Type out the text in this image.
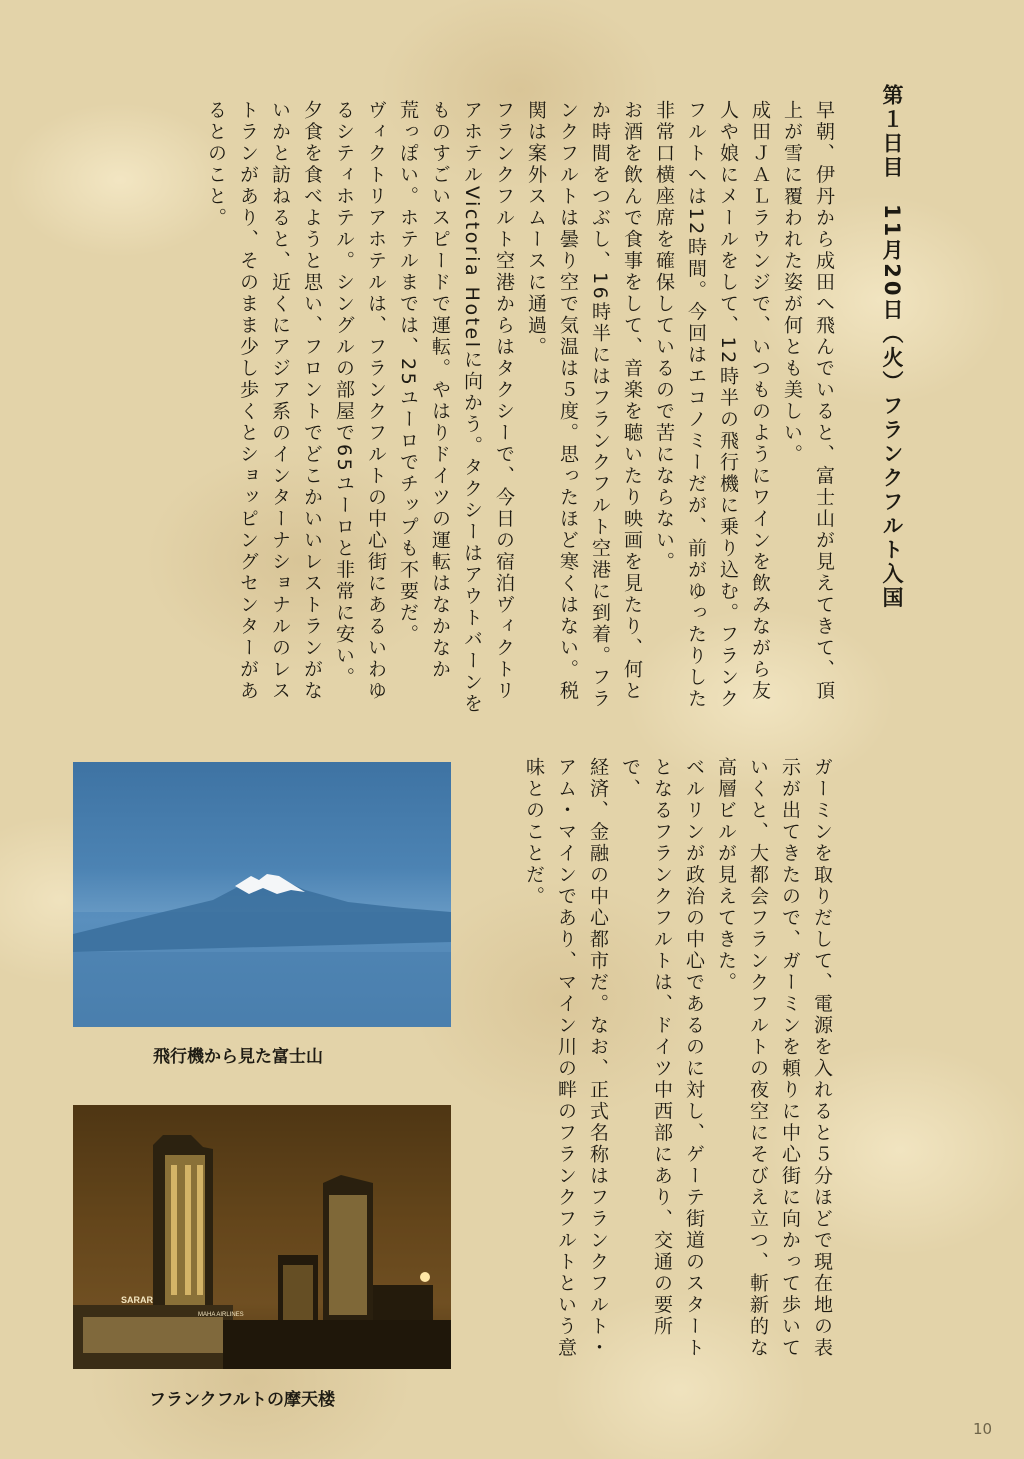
第１日目　11月20日（火）フランクフルト入国

早朝、伊丹から成田へ飛んでいると、富士山が見えてきて、頂
上が雪に覆われた姿が何とも美しい。

成田ＪＡＬラウンジで、いつものようにワインを飲みながら友
人や娘にメールをして、12時半の飛行機に乗り込む。フランク
フルトへは12時間。今回はエコノミーだが、前がゆったりした
非常口横座席を確保しているので苦にならない。

お酒を飲んで食事をして、音楽を聴いたり映画を見たり、何と
か時間をつぶし、16時半にはフランクフルト空港に到着。フラ
ンクフルトは曇り空で気温は５度。思ったほど寒くはない。税
関は案外スムースに通過。

フランクフルト空港からはタクシーで、今日の宿泊ヴィクトリ
アホテルVictoria Hotelに向かう。タクシーはアウトバーンを
ものすごいスピードで運転。やはりドイツの運転はなかなか
荒っぽい。ホテルまでは、25ユーロでチップも不要だ。

ヴィクトリアホテルは、フランクフルトの中心街にあるいわゆ
るシティホテル。シングルの部屋で65ユーロと非常に安い。

夕食を食べようと思い、フロントでどこかいいレストランがな
いかと訪ねると、近くにアジア系のインターナショナルのレス
トランがあり、そのまま少し歩くとショッピングセンターがあ
るとのこと。

ガーミンを取りだして、電源を入れると５分ほどで現在地の表
示が出てきたので、ガーミンを頼りに中心街に向かって歩いて
いくと、大都会フランクフルトの夜空にそびえ立つ、斬新的な
高層ビルが見えてきた。

ベルリンが政治の中心であるのに対し、ゲーテ街道のスタート
となるフランクフルトは、ドイツ中西部にあり、交通の要所で、
経済、金融の中心都市だ。なお、正式名称はフランクフルト・
アム・マインであり、マイン川の畔のフランクフルトという意
味とのことだ。

飛行機から見た富士山

SARAR
MAHA AIRLINES

フランクフルトの摩天楼

10
